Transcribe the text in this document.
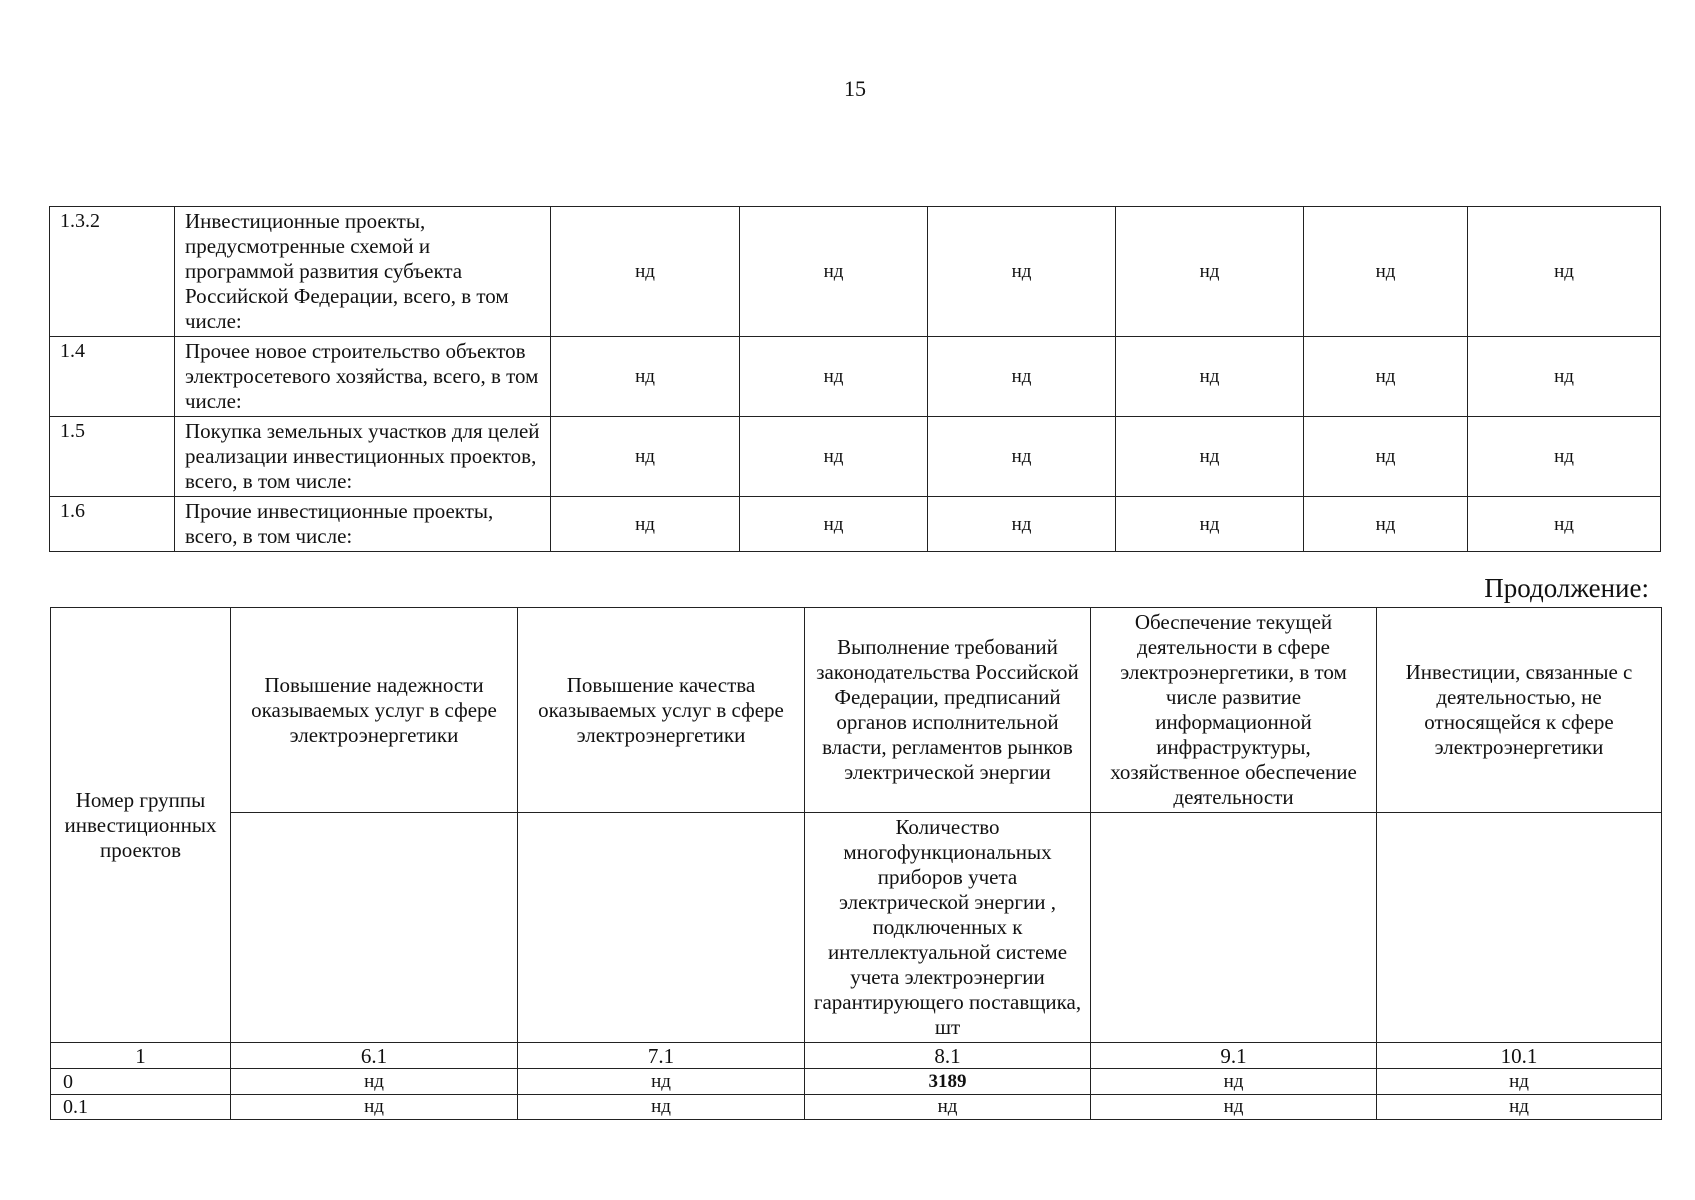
15
1.3.2	Инвестиционные проекты, предусмотренные схемой и программой развития субъекта Российской Федерации, всего, в том числе:	нд	нд	нд	нд	нд	нд
1.4	Прочее новое строительство объектов электросетевого хозяйства, всего, в том числе:	нд	нд	нд	нд	нд	нд
1.5	Покупка земельных участков для целей реализации инвестиционных проектов, всего, в том числе:	нд	нд	нд	нд	нд	нд
1.6	Прочие инвестиционные проекты, всего, в том числе:	нд	нд	нд	нд	нд	нд
Продолжение:
Номер группы инвестиционных проектов	Повышение надежности оказываемых услуг в сфере электроэнергетики	Повышение качества оказываемых услуг в сфере электроэнергетики	Выполнение требований законодательства Российской Федерации, предписаний органов исполнительной власти, регламентов рынков электрической энергии	Обеспечение текущей деятельности в сфере электроэнергетики, в том числе развитие информационной инфраструктуры, хозяйственное обеспечение деятельности	Инвестиции, связанные с деятельностью, не относящейся к сфере электроэнергетики
			Количество многофункциональных приборов учета электрической энергии , подключенных к интеллектуальной системе учета электроэнергии гарантирующего поставщика, шт		
1	6.1	7.1	8.1	9.1	10.1
0	нд	нд	3189	нд	нд
0.1	нд	нд	нд	нд	нд
